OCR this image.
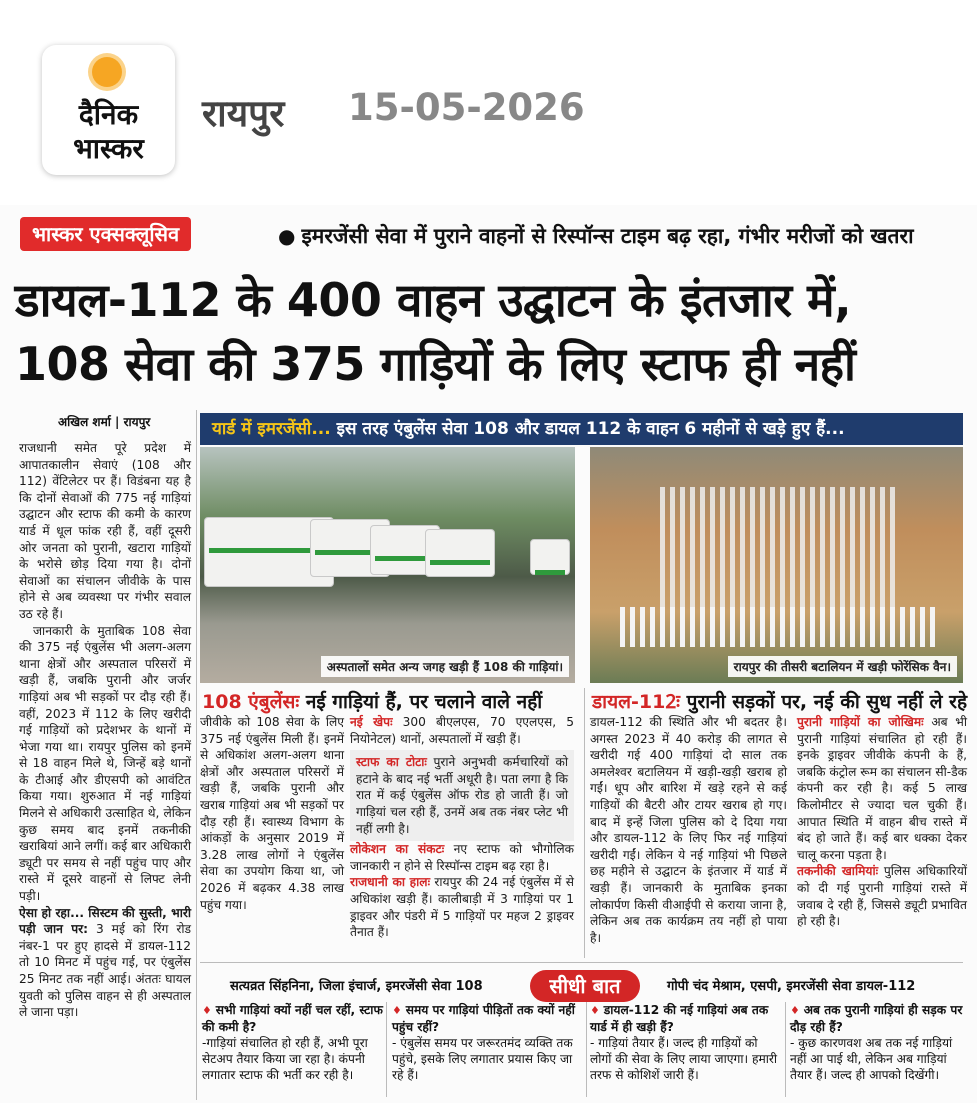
दैनिक
भास्कर
रायपुर 15-05-2026
भास्कर एक्सक्लूसिव	● इमरजेंसी सेवा में पुराने वाहनों से रिस्पॉन्स टाइम बढ़ रहा, गंभीर मरीजों को खतरा
डायल-112 के 400 वाहन उद्घाटन के इंतजार में,
108 सेवा की 375 गाड़ियों के लिए स्टाफ ही नहीं
अखिल शर्मा | रायपुर

राजधानी समेत पूरे प्रदेश में आपातकालीन सेवाएं (108 और 112) वेंटिलेटर पर हैं। विडंबना यह है कि दोनों सेवाओं की 775 नई गाड़ियां उद्घाटन और स्टाफ की कमी के कारण यार्ड में धूल फांक रही हैं, वहीं दूसरी ओर जनता को पुरानी, खटारा गाड़ियों के भरोसे छोड़ दिया गया है। दोनों सेवाओं का संचालन जीवीके के पास होने से अब व्यवस्था पर गंभीर सवाल उठ रहे हैं।

जानकारी के मुताबिक 108 सेवा की 375 नई एंबुलेंस भी अलग-अलग थाना क्षेत्रों और अस्पताल परिसरों में खड़ी हैं, जबकि पुरानी और जर्जर गाड़ियां अब भी सड़कों पर दौड़ रही हैं। वहीं, 2023 में 112 के लिए खरीदी गई गाड़ियों को प्रदेशभर के थानों में भेजा गया था। रायपुर पुलिस को इनमें से 18 वाहन मिले थे, जिन्हें बड़े थानों के टीआई और डीएसपी को आवंटित किया गया। शुरुआत में नई गाड़ियां मिलने से अधिकारी उत्साहित थे, लेकिन कुछ समय बाद इनमें तकनीकी खराबियां आने लगीं। कई बार अधिकारी ड्यूटी पर समय से नहीं पहुंच पाए और रास्ते में दूसरे वाहनों से लिफ्ट लेनी पड़ी।

ऐसा हो रहा... सिस्टम की सुस्ती, भारी पड़ी जान पर: 3 मई को रिंग रोड नंबर-1 पर हुए हादसे में डायल-112 तो 10 मिनट में पहुंच गई, पर एंबुलेंस 25 मिनट तक नहीं आई। अंततः घायल युवती को पुलिस वाहन से ही अस्पताल ले जाना पड़ा।

यार्ड में इमरजेंसी... इस तरह एंबुलेंस सेवा 108 और डायल 112 के वाहन 6 महीनों से खड़े हुए हैं...
अस्पतालों समेत अन्य जगह खड़ी हैं 108 की गाड़ियां।	रायपुर की तीसरी बटालियन में खड़ी फोरेंसिक वैन।
108 एंबुलेंसः नई गाड़ियां हैं, पर चलाने वाले नहीं	डायल-112ः पुरानी सड़कों पर, नई की सुध नहीं ले रहे

जीवीके को 108 सेवा के लिए 375 नई एंबुलेंस मिली हैं। इनमें से अधिकांश अलग-अलग थाना क्षेत्रों और अस्पताल परिसरों में खड़ी हैं, जबकि पुरानी और खराब गाड़ियां अब भी सड़कों पर दौड़ रही हैं। स्वास्थ्य विभाग के आंकड़ों के अनुसार 2019 में 3.28 लाख लोगों ने एंबुलेंस सेवा का उपयोग किया था, जो 2026 में बढ़कर 4.38 लाख पहुंच गया।

नई खेपः 300 बीएलएस, 70 एएलएस, 5 नियोनेटल) थानों, अस्पतालों में खड़ी हैं।

स्टाफ का टोटाः पुराने अनुभवी कर्मचारियों को हटाने के बाद नई भर्ती अधूरी है। पता लगा है कि रात में कई एंबुलेंस ऑफ रोड हो जाती हैं। जो गाड़ियां चल रही हैं, उनमें अब तक नंबर प्लेट भी नहीं लगी है।

लोकेशन का संकटः नए स्टाफ को भौगोलिक जानकारी न होने से रिस्पॉन्स टाइम बढ़ रहा है।

राजधानी का हालः रायपुर की 24 नई एंबुलेंस में से अधिकांश खड़ी हैं। कालीबाड़ी में 3 गाड़ियां पर 1 ड्राइवर और पंडरी में 5 गाड़ियों पर महज 2 ड्राइवर तैनात हैं।

डायल-112 की स्थिति और भी बदतर है। अगस्त 2023 में 40 करोड़ की लागत से खरीदी गई 400 गाड़ियां दो साल तक अमलेश्वर बटालियन में खड़ी-खड़ी खराब हो गईं। धूप और बारिश में खड़े रहने से कई गाड़ियों की बैटरी और टायर खराब हो गए। बाद में इन्हें जिला पुलिस को दे दिया गया और डायल-112 के लिए फिर नई गाड़ियां खरीदी गईं। लेकिन ये नई गाड़ियां भी पिछले छह महीने से उद्घाटन के इंतजार में यार्ड में खड़ी हैं। जानकारी के मुताबिक इनका लोकार्पण किसी वीआईपी से कराया जाना है, लेकिन अब तक कार्यक्रम तय नहीं हो पाया है।

पुरानी गाड़ियों का जोखिमः अब भी पुरानी गाड़ियां संचालित हो रही हैं। इनके ड्राइवर जीवीके कंपनी के हैं, जबकि कंट्रोल रूम का संचालन सी-डैक कंपनी कर रही है। कई 5 लाख किलोमीटर से ज्यादा चल चुकी हैं। आपात स्थिति में वाहन बीच रास्ते में बंद हो जाते हैं। कई बार धक्का देकर चालू करना पड़ता है।

तकनीकी खामियांः पुलिस अधिकारियों को दी गई पुरानी गाड़ियां रास्ते में जवाब दे रही हैं, जिससे ड्यूटी प्रभावित हो रही है।

सत्यव्रत सिंहनिना, जिला इंचार्ज, इमरजेंसी सेवा 108	सीधी बात	गोपी चंद मेश्राम, एसपी, इमरजेंसी सेवा डायल-112
♦ सभी गाड़ियां क्यों नहीं चल रहीं, स्टाफ की कमी है?
-गाड़ियां संचालित हो रही हैं, अभी पूरा सेटअप तैयार किया जा रहा है। कंपनी लगातार स्टाफ की भर्ती कर रही है।
♦ समय पर गाड़ियां पीड़ितों तक क्यों नहीं पहुंच रहीं?
- एंबुलेंस समय पर जरूरतमंद व्यक्ति तक पहुंचे, इसके लिए लगातार प्रयास किए जा रहे हैं।
♦ डायल-112 की नई गाड़ियां अब तक यार्ड में ही खड़ी हैं?
- गाड़ियां तैयार हैं। जल्द ही गाड़ियों को लोगों की सेवा के लिए लाया जाएगा। हमारी तरफ से कोशिशें जारी हैं।
♦ अब तक पुरानी गाड़ियां ही सड़क पर दौड़ रही हैं?
- कुछ कारणवश अब तक नई गाड़ियां नहीं आ पाई थी, लेकिन अब गाड़ियां तैयार हैं। जल्द ही आपको दिखेंगी।
